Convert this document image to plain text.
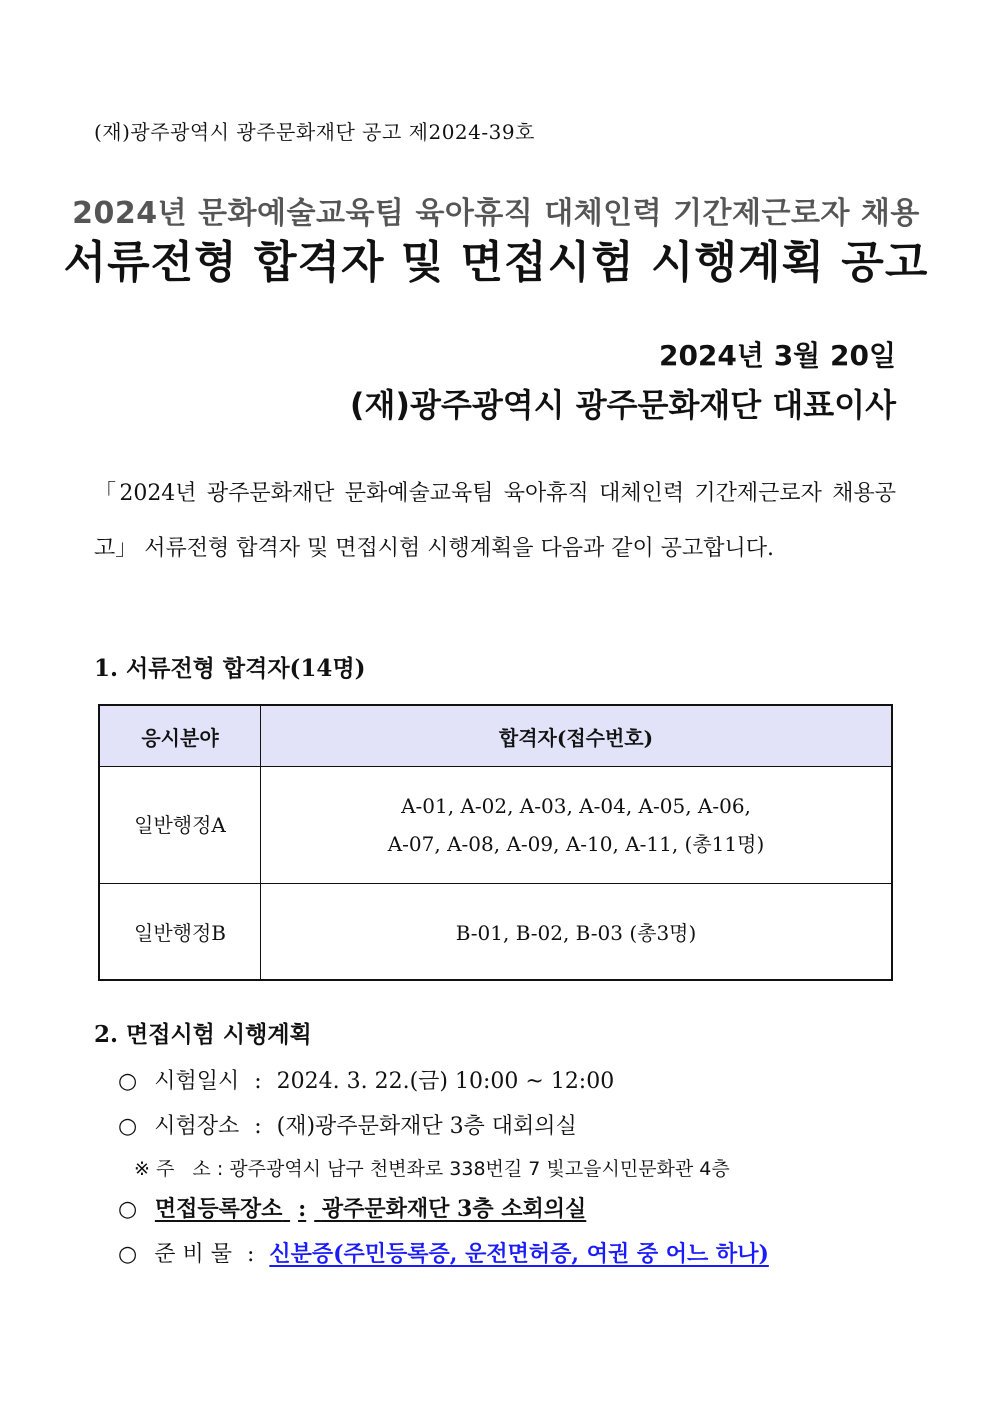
(재)광주광역시 광주문화재단 공고 제2024-39호
2024년 문화예술교육팀 육아휴직 대체인력 기간제근로자 채용
서류전형 합격자 및 면접시험 시행계획 공고
2024년 3월 20일
(재)광주광역시 광주문화재단 대표이사
「2024년 광주문화재단 문화예술교육팀 육아휴직 대체인력 기간제근로자 채용공고」 서류전형 합격자 및 면접시험 시행계획을 다음과 같이 공고합니다.
1. 서류전형 합격자(14명)
응시분야	합격자(접수번호)
일반행정A	A-01, A-02, A-03, A-04, A-05, A-06,
A-07, A-08, A-09, A-10, A-11, (총11명)

일반행정B	B-01, B-02, B-03 (총3명)
2. 면접시험 시행계획
○ 시험일시 : 2024. 3. 22.(금) 10:00 ~ 12:00
○ 시험장소 : (재)광주문화재단 3층 대회의실
※ 주   소 : 광주광역시 남구 천변좌로 338번길 7 빛고을시민문화관 4층
○ 면접등록장소 : 광주문화재단 3층 소회의실
○ 준 비 물 : 신분증(주민등록증, 운전면허증, 여권 중 어느 하나)
